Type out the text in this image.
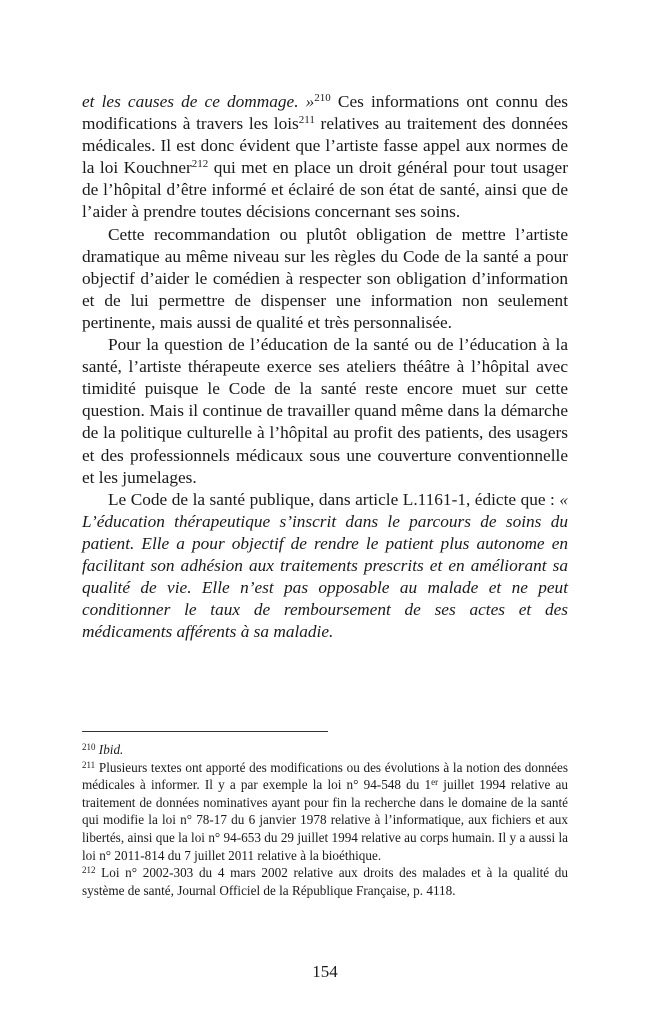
et les causes de ce dommage. »$^{210}$ Ces informations ont connu des modifications à travers les lois$^{211}$ relatives au traitement des données médicales. Il est donc évident que l’artiste fasse appel aux normes de la loi Kouchner$^{212}$ qui met en place un droit général pour tout usager de l’hôpital d’être informé et éclairé de son état de santé, ainsi que de l’aider à prendre toutes décisions concernant ses soins.

Cette recommandation ou plutôt obligation de mettre l’artiste dramatique au même niveau sur les règles du Code de la santé a pour objectif d’aider le comédien à respecter son obligation d’information et de lui permettre de dispenser une information non seulement pertinente, mais aussi de qualité et très personnalisée.

Pour la question de l’éducation de la santé ou de l’éducation à la santé, l’artiste thérapeute exerce ses ateliers théâtre à l’hôpital avec timidité puisque le Code de la santé reste encore muet sur cette question. Mais il continue de travailler quand même dans la démarche de la politique culturelle à l’hôpital au profit des patients, des usagers et des professionnels médicaux sous une couverture conventionnelle et les jumelages.

Le Code de la santé publique, dans article L.1161-1, édicte que : « L’éducation thérapeutique s’inscrit dans le parcours de soins du patient. Elle a pour objectif de rendre le patient plus autonome en facilitant son adhésion aux traitements prescrits et en améliorant sa qualité de vie. Elle n’est pas opposable au malade et ne peut conditionner le taux de remboursement de ses actes et des médicaments afférents à sa maladie.

$^{210}$ Ibid.

$^{211}$ Plusieurs textes ont apporté des modifications ou des évolutions à la notion des données médicales à informer. Il y a par exemple la loi n° 94-548 du 1er juillet 1994 relative au traitement de données nominatives ayant pour fin la recherche dans le domaine de la santé qui modifie la loi n° 78-17 du 6 janvier 1978 relative à l’informatique, aux fichiers et aux libertés, ainsi que la loi n° 94-653 du 29 juillet 1994 relative au corps humain. Il y a aussi la loi n° 2011-814 du 7 juillet 2011 relative à la bioéthique.

$^{212}$ Loi n° 2002-303 du 4 mars 2002 relative aux droits des malades et à la qualité du système de santé, Journal Officiel de la République Française, p. 4118.

154
